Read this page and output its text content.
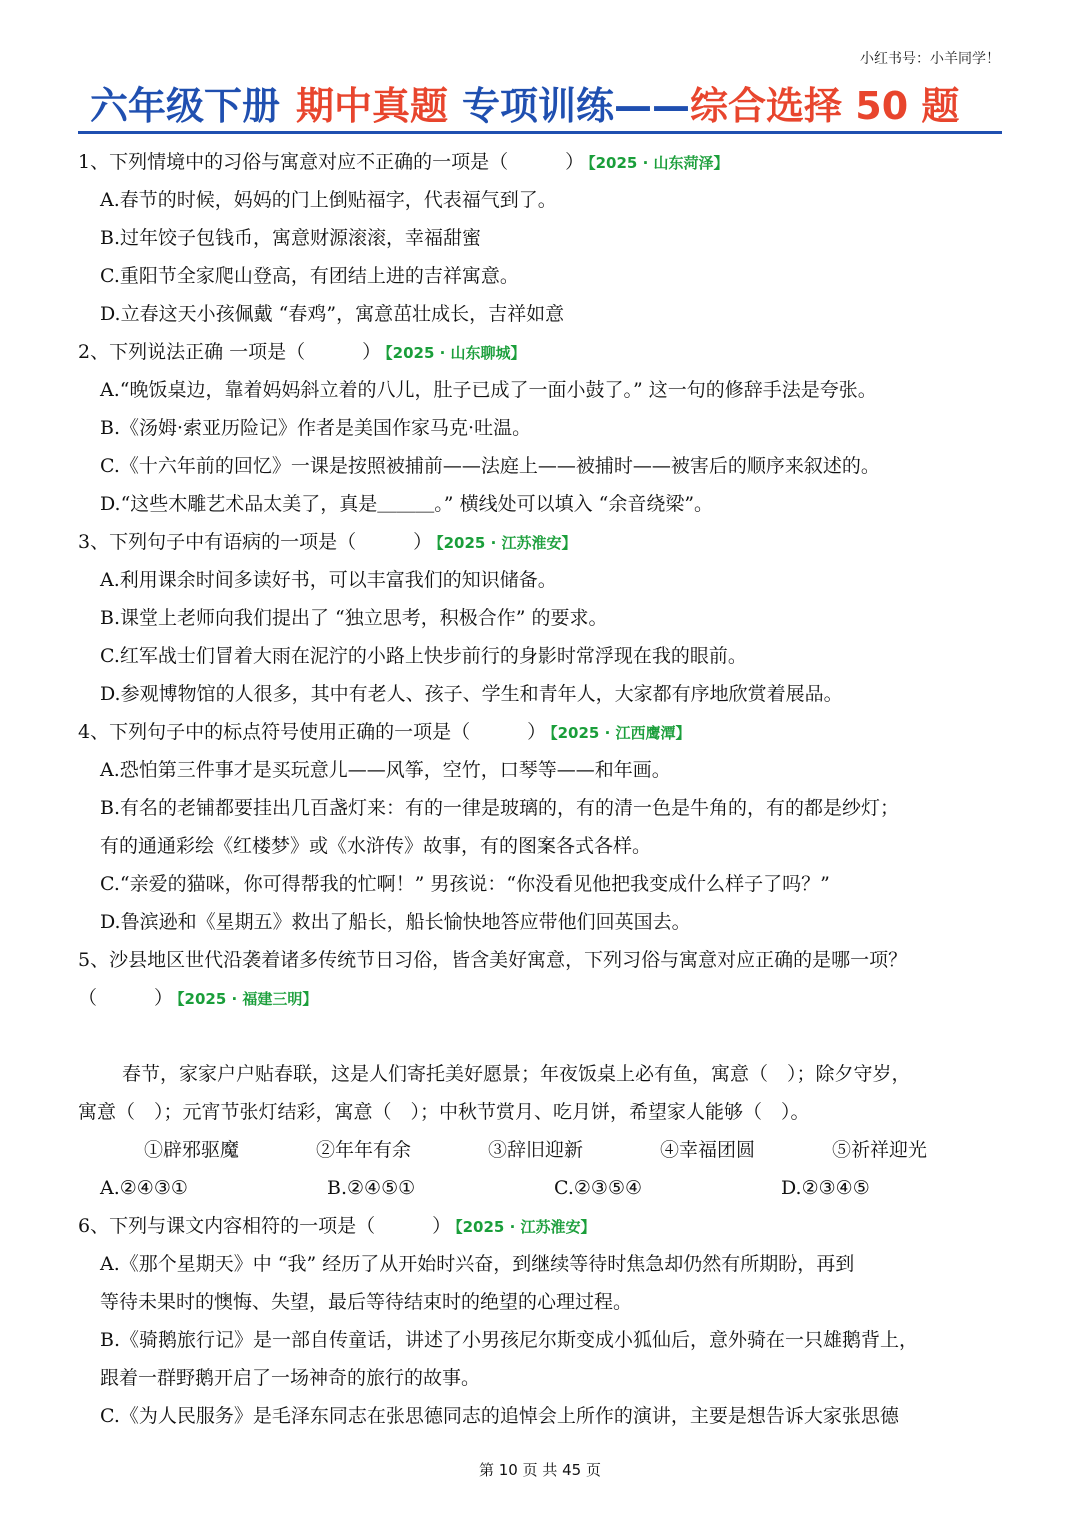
小红书号：小羊同学！
六年级下册 期中真题 专项训练——综合选择 50 题
1、下列情境中的习俗与寓意对应不正确的一项是（　　　） 【2025 · 山东菏泽】
A.春节的时候，妈妈的门上倒贴福字，代表福气到了。
B.过年饺子包钱币，寓意财源滚滚，幸福甜蜜
C.重阳节全家爬山登高，有团结上进的吉祥寓意。
D.立春这天小孩佩戴 “春鸡”，寓意茁壮成长，吉祥如意
2、下列说法正确 一项是（　　　） 【2025 · 山东聊城】
A.“晚饭桌边，靠着妈妈斜立着的八儿，肚子已成了一面小鼓了。” 这一句的修辞手法是夸张。
B.《汤姆·索亚历险记》作者是美国作家马克·吐温。
C.《十六年前的回忆》一课是按照被捕前——法庭上——被捕时——被害后的顺序来叙述的。
D.“这些木雕艺术品太美了，真是＿＿＿。” 横线处可以填入 “余音绕梁”。
3、下列句子中有语病的一项是（　　　） 【2025 · 江苏淮安】
A.利用课余时间多读好书，可以丰富我们的知识储备。
B.课堂上老师向我们提出了 “独立思考，积极合作” 的要求。
C.红军战士们冒着大雨在泥泞的小路上快步前行的身影时常浮现在我的眼前。
D.参观博物馆的人很多，其中有老人、孩子、学生和青年人，大家都有序地欣赏着展品。
4、下列句子中的标点符号使用正确的一项是（　　　） 【2025 · 江西鹰潭】
A.恐怕第三件事才是买玩意儿——风筝，空竹，口琴等——和年画。
B.有名的老铺都要挂出几百盏灯来：有的一律是玻璃的，有的清一色是牛角的，有的都是纱灯；
有的通通彩绘《红楼梦》或《水浒传》故事，有的图案各式各样。
C.“亲爱的猫咪，你可得帮我的忙啊！” 男孩说：“你没看见他把我变成什么样子了吗？”
D.鲁滨逊和《星期五》救出了船长，船长愉快地答应带他们回英国去。
5、沙县地区世代沿袭着诸多传统节日习俗，皆含美好寓意，下列习俗与寓意对应正确的是哪一项？
（　　　） 【2025 · 福建三明】
春节，家家户户贴春联，这是人们寄托美好愿景；年夜饭桌上必有鱼，寓意（　）；除夕守岁，
寓意（　）；元宵节张灯结彩，寓意（　）；中秋节赏月、吃月饼，希望家人能够（　）。
①辟邪驱魔	②年年有余	③辞旧迎新	④幸福团圆	⑤祈祥迎光
A.②④③①	B.②④⑤①	C.②③⑤④	D.②③④⑤
6、下列与课文内容相符的一项是（　　　） 【2025 · 江苏淮安】
A.《那个星期天》中 “我” 经历了从开始时兴奋，到继续等待时焦急却仍然有所期盼，再到
等待未果时的懊悔、失望，最后等待结束时的绝望的心理过程。
B.《骑鹅旅行记》是一部自传童话，讲述了小男孩尼尔斯变成小狐仙后，意外骑在一只雄鹅背上，
跟着一群野鹅开启了一场神奇的旅行的故事。
C.《为人民服务》是毛泽东同志在张思德同志的追悼会上所作的演讲，主要是想告诉大家张思德
第 10 页 共 45 页
